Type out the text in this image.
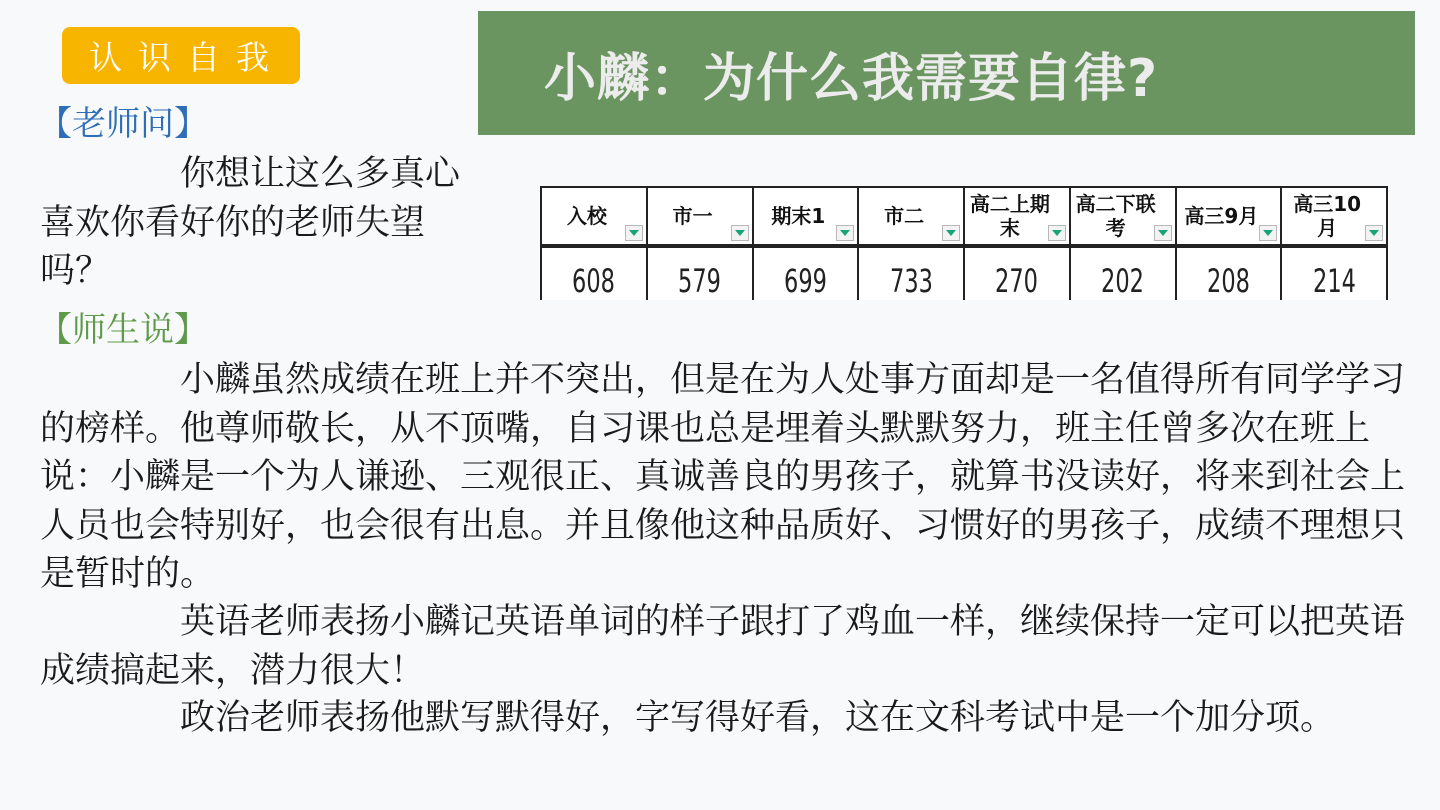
认识自我	小麟：为什么我需要自律?
【老师问】

你想让这么多真心喜欢你看好你的老师失望吗？

入校	市一	期末1	市二	高二上期末	高二下联考	高三9月	高三10月

608	579	699	733	270	202	208	214
【师生说】

小麟虽然成绩在班上并不突出，但是在为人处事方面却是一名值得所有同学学习的榜样。他尊师敬长，从不顶嘴，自习课也总是埋着头默默努力，班主任曾多次在班上说：小麟是一个为人谦逊、三观很正、真诚善良的男孩子，就算书没读好，将来到社会上人员也会特别好，也会很有出息。并且像他这种品质好、习惯好的男孩子，成绩不理想只是暂时的。

英语老师表扬小麟记英语单词的样子跟打了鸡血一样，继续保持一定可以把英语成绩搞起来，潜力很大！

政治老师表扬他默写默得好，字写得好看，这在文科考试中是一个加分项。
